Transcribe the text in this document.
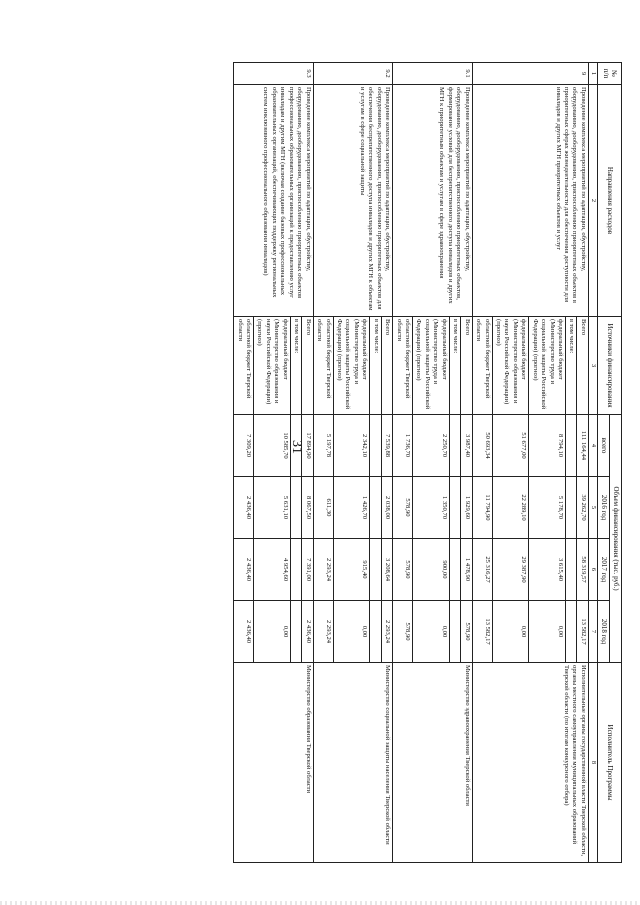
31
№
п/п	Направления расходов	Источники финансирования	Объем финансирования (тыс. руб.)				Исполнитель Программы
			всего	2016 год	2017 год	2018 год	
1	2	3	4	5	6	7	8
9	Проведение комплекса мероприятий по адаптации, обустройству, оборудованию, дооборудованию, приспособлению приоритетных объектов в приоритетных сферах жизнедеятельности для обеспечения доступности для инвалидов и других МГН приоритетных объектов и услуг	Всего	111 164,44	39 262,70	58 319,57	13 582,17	Исполнительные органы государственной власти Тверской области, органы местного самоуправления муниципальных образований Тверской области (по итогам конкурсного отбора)
		в том числе:					
		федеральный бюджет (Министерство труда и социальной защиты Российской Федерации) (прогноз)	8 794,10	5 178,70	3 615,40	0,00	
		федеральный бюджет (Министерство образования и науки Российской Федерации) (прогноз)	51 677,00	22 289,10	29 387,90	0,00	
		областной бюджет Тверской области	50 693,34	11 794,90	25 316,27	13 582,17	
9.1	Проведение комплекса мероприятий по адаптации, обустройству, оборудованию, дооборудованию, приспособлению приоритетных объектов, формирование условий для беспрепятственного доступа инвалидов и других МГН к приоритетным объектам и услугам в сфере здравоохранения	Всего	3 987,40	1 929,60	1 478,90	578,90	Министерство здравоохранения Тверской области
		в том числе:					
		федеральный бюджет (Министерство труда и социальной защиты Российской Федерации) (прогноз)	2 250,70	1 350,70	900,00	0,00	
		областной бюджет Тверской области	1 736,70	578,90	578,90	578,90	
9.2	Проведение комплекса мероприятий по адаптации, обустройству, оборудованию, дооборудованию, приспособлению приоритетных объектов для обеспечения беспрепятственного доступа инвалидов и других МГН к объектам и услугам в сфере социальной защиты	Всего	7 539,88	2 038,00	3 208,64	2 293,24	Министерство социальной защиты населения Тверской области
		в том числе:					
		федеральный бюджет (Министерство труда и социальной защиты Российской Федерации) (прогноз)	2 342,10	1 426,70	915,40	0,00	
		областной бюджет Тверской области	5 197,78	611,30	2 293,24	2 293,24	
9.3	Проведение комплекса мероприятий по адаптации, обустройству, оборудованию, дооборудованию, приспособлению приоритетных объектов профессиональных образовательных организаций к предоставлению услуг инвалидам и другим МГН (включая создание базовых профессиональных образовательных организаций, обеспечивающих поддержку региональных систем инклюзивного профессионального образования инвалидов)	Всего	17 894,90	8 067,50	7 391,00	2 436,40	Министерство образования Тверской области
		в том числе:					
		федеральный бюджет (Министерство образования и науки Российской Федерации) (прогноз)	10 585,70	5 631,10	4 954,60	0,00	
		областной бюджет Тверской области	7 309,20	2 436,40	2 436,40	2 436,40	
